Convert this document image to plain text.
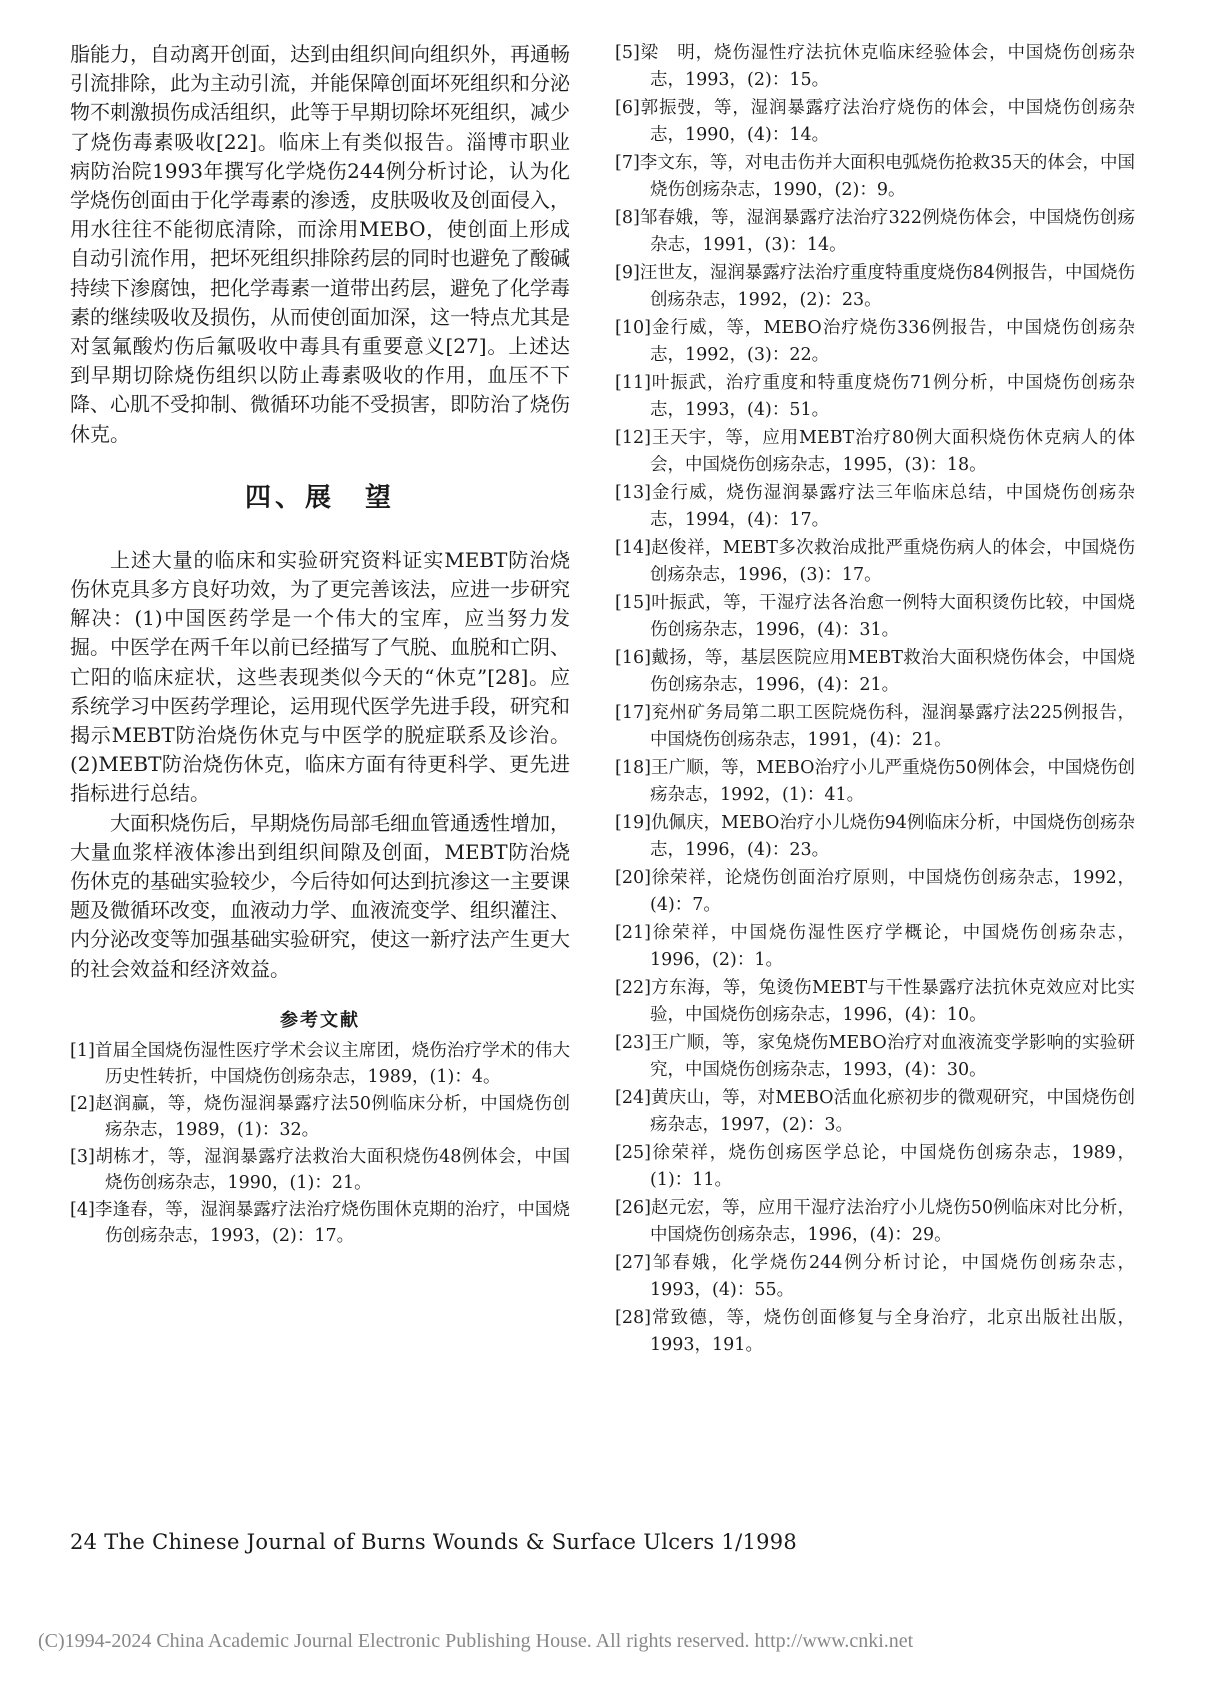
脂能力，自动离开创面，达到由组织间向组织外，再通畅引流排除，此为主动引流，并能保障创面坏死组织和分泌物不刺激损伤成活组织，此等于早期切除坏死组织，减少了烧伤毒素吸收[22]。临床上有类似报告。淄博市职业病防治院1993年撰写化学烧伤244例分析讨论，认为化学烧伤创面由于化学毒素的渗透，皮肤吸收及创面侵入，用水往往不能彻底清除，而涂用MEBO，使创面上形成自动引流作用，把坏死组织排除药层的同时也避免了酸碱持续下渗腐蚀，把化学毒素一道带出药层，避免了化学毒素的继续吸收及损伤，从而使创面加深，这一特点尤其是对氢氟酸灼伤后氟吸收中毒具有重要意义[27]。上述达到早期切除烧伤组织以防止毒素吸收的作用，血压不下降、心肌不受抑制、微循环功能不受损害，即防治了烧伤休克。

四、展　望

上述大量的临床和实验研究资料证实MEBT防治烧伤休克具多方良好功效，为了更完善该法，应进一步研究解决：(1)中国医药学是一个伟大的宝库，应当努力发掘。中医学在两千年以前已经描写了气脱、血脱和亡阴、亡阳的临床症状，这些表现类似今天的“休克”[28]。应系统学习中医药学理论，运用现代医学先进手段，研究和揭示MEBT防治烧伤休克与中医学的脱症联系及诊治。(2)MEBT防治烧伤休克，临床方面有待更科学、更先进指标进行总结。

大面积烧伤后，早期烧伤局部毛细血管通透性增加，大量血浆样液体渗出到组织间隙及创面，MEBT防治烧伤休克的基础实验较少，今后待如何达到抗渗这一主要课题及微循环改变，血液动力学、血液流变学、组织灌注、内分泌改变等加强基础实验研究，使这一新疗法产生更大的社会效益和经济效益。

参考文献

[1]首届全国烧伤湿性医疗学术会议主席团，烧伤治疗学术的伟大历史性转折，中国烧伤创疡杂志，1989，(1)：4。

[2]赵润赢，等，烧伤湿润暴露疗法50例临床分析，中国烧伤创疡杂志，1989，(1)：32。

[3]胡栋才，等，湿润暴露疗法救治大面积烧伤48例体会，中国烧伤创疡杂志，1990，(1)：21。

[4]李逢春，等，湿润暴露疗法治疗烧伤围休克期的治疗，中国烧伤创疡杂志，1993，(2)：17。

[5]梁　明，烧伤湿性疗法抗休克临床经验体会，中国烧伤创疡杂志，1993，(2)：15。

[6]郭振弢，等，湿润暴露疗法治疗烧伤的体会，中国烧伤创疡杂志，1990，(4)：14。

[7]李文东，等，对电击伤并大面积电弧烧伤抢救35天的体会，中国烧伤创疡杂志，1990，(2)：9。

[8]邹春娥，等，湿润暴露疗法治疗322例烧伤体会，中国烧伤创疡杂志，1991，(3)：14。

[9]汪世友，湿润暴露疗法治疗重度特重度烧伤84例报告，中国烧伤创疡杂志，1992，(2)：23。

[10]金行威，等，MEBO治疗烧伤336例报告，中国烧伤创疡杂志，1992，(3)：22。

[11]叶振武，治疗重度和特重度烧伤71例分析，中国烧伤创疡杂志，1993，(4)：51。

[12]王天宇，等，应用MEBT治疗80例大面积烧伤休克病人的体会，中国烧伤创疡杂志，1995，(3)：18。

[13]金行威，烧伤湿润暴露疗法三年临床总结，中国烧伤创疡杂志，1994，(4)：17。

[14]赵俊祥，MEBT多次救治成批严重烧伤病人的体会，中国烧伤创疡杂志，1996，(3)：17。

[15]叶振武，等，干湿疗法各治愈一例特大面积烫伤比较，中国烧伤创疡杂志，1996，(4)：31。

[16]戴扬，等，基层医院应用MEBT救治大面积烧伤体会，中国烧伤创疡杂志，1996，(4)：21。

[17]兖州矿务局第二职工医院烧伤科，湿润暴露疗法225例报告，中国烧伤创疡杂志，1991，(4)：21。

[18]王广顺，等，MEBO治疗小儿严重烧伤50例体会，中国烧伤创疡杂志，1992，(1)：41。

[19]仇佩庆，MEBO治疗小儿烧伤94例临床分析，中国烧伤创疡杂志，1996，(4)：23。

[20]徐荣祥，论烧伤创面治疗原则，中国烧伤创疡杂志，1992，(4)：7。

[21]徐荣祥，中国烧伤湿性医疗学概论，中国烧伤创疡杂志，1996，(2)：1。

[22]方东海，等，兔烫伤MEBT与干性暴露疗法抗休克效应对比实验，中国烧伤创疡杂志，1996，(4)：10。

[23]王广顺，等，家兔烧伤MEBO治疗对血液流变学影响的实验研究，中国烧伤创疡杂志，1993，(4)：30。

[24]黄庆山，等，对MEBO活血化瘀初步的微观研究，中国烧伤创疡杂志，1997，(2)：3。

[25]徐荣祥，烧伤创疡医学总论，中国烧伤创疡杂志，1989，(1)：11。

[26]赵元宏，等，应用干湿疗法治疗小儿烧伤50例临床对比分析，中国烧伤创疡杂志，1996，(4)：29。

[27]邹春娥，化学烧伤244例分析讨论，中国烧伤创疡杂志，1993，(4)：55。

[28]常致德，等，烧伤创面修复与全身治疗，北京出版社出版，1993，191。

24 The Chinese Journal of Burns Wounds & Surface Ulcers 1/1998
(C)1994-2024 China Academic Journal Electronic Publishing House. All rights reserved. http://www.cnki.net
